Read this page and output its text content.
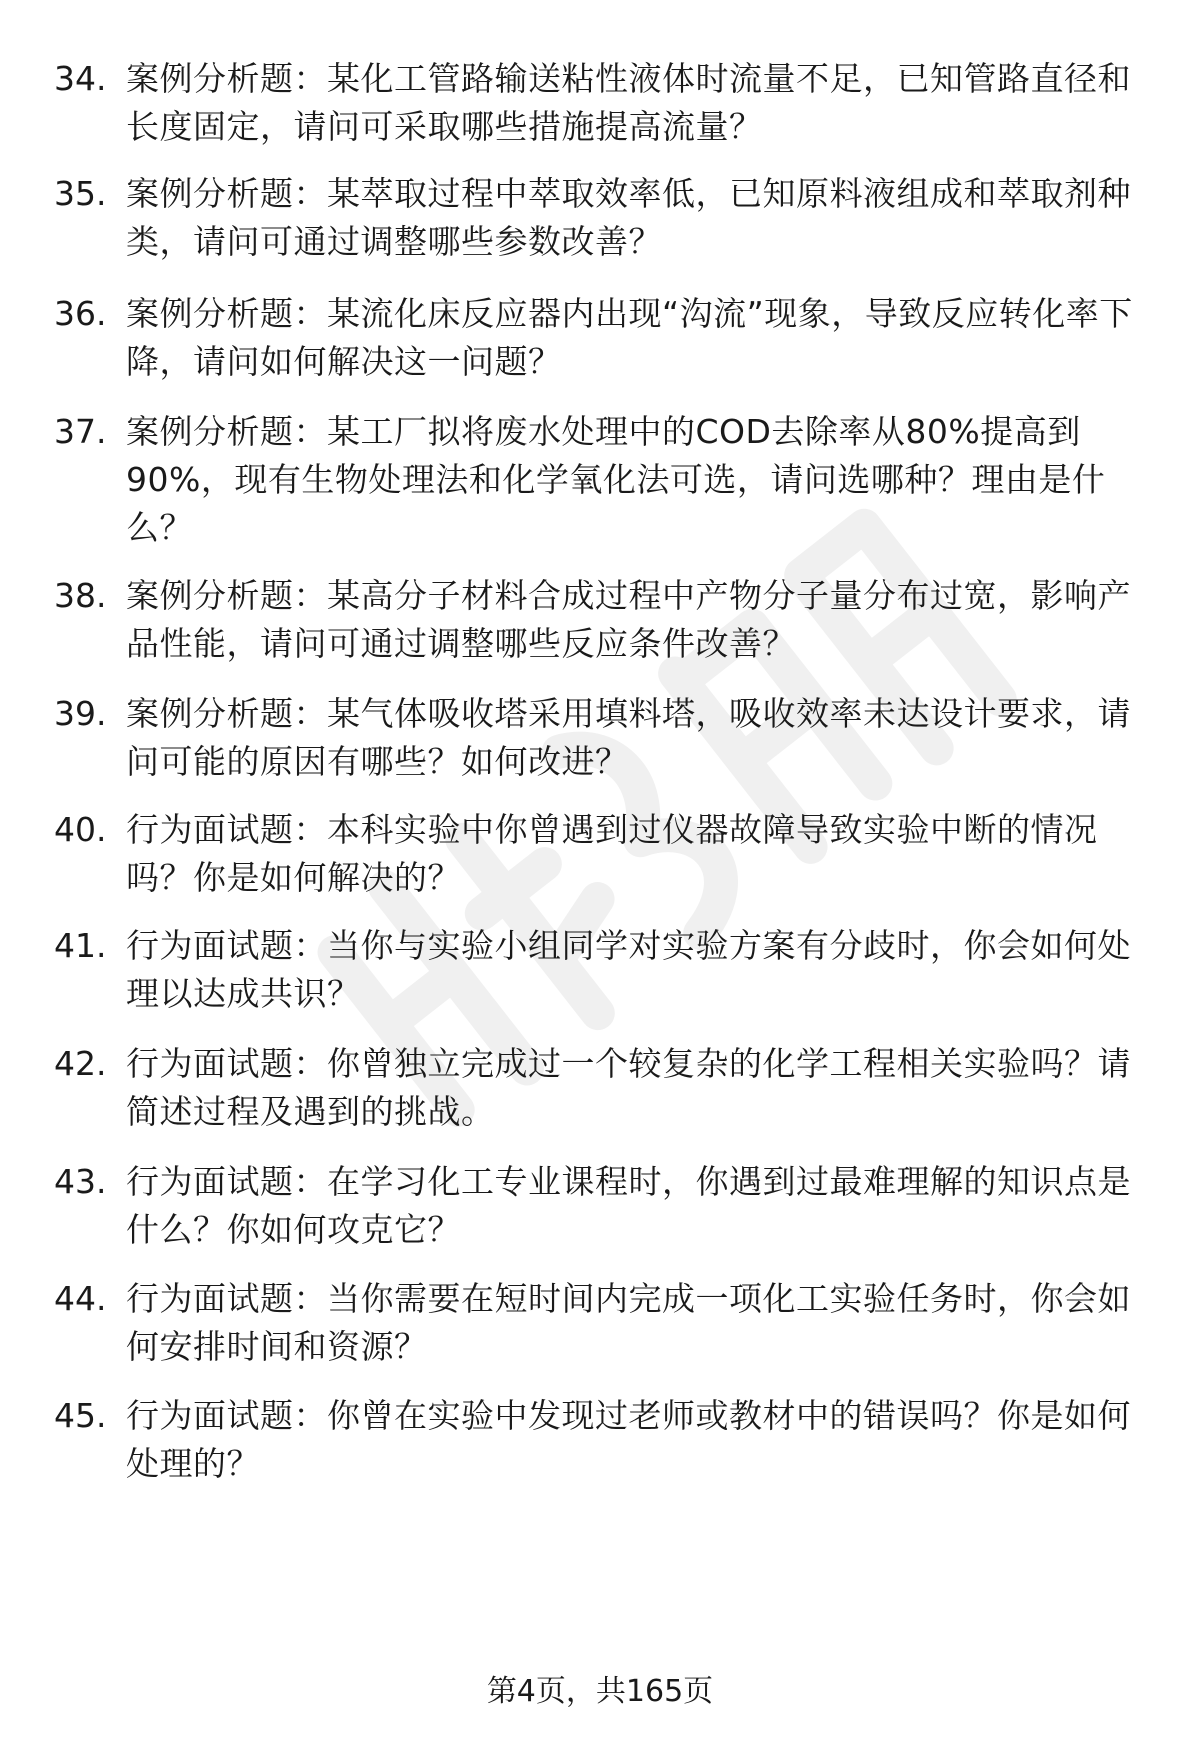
34. 案例分析题：某化工管路输送粘性液体时流量不足，已知管路直径和长度固定，请问可采取哪些措施提高流量？
35. 案例分析题：某萃取过程中萃取效率低，已知原料液组成和萃取剂种类，请问可通过调整哪些参数改善？
36. 案例分析题：某流化床反应器内出现“沟流”现象，导致反应转化率下降，请问如何解决这一问题？
37. 案例分析题：某工厂拟将废水处理中的COD去除率从80%提高到90%，现有生物处理法和化学氧化法可选，请问选哪种？理由是什么？
38. 案例分析题：某高分子材料合成过程中产物分子量分布过宽，影响产品性能，请问可通过调整哪些反应条件改善？
39. 案例分析题：某气体吸收塔采用填料塔，吸收效率未达设计要求，请问可能的原因有哪些？如何改进？
40. 行为面试题：本科实验中你曾遇到过仪器故障导致实验中断的情况吗？你是如何解决的？
41. 行为面试题：当你与实验小组同学对实验方案有分歧时，你会如何处理以达成共识？
42. 行为面试题：你曾独立完成过一个较复杂的化学工程相关实验吗？请简述过程及遇到的挑战。
43. 行为面试题：在学习化工专业课程时，你遇到过最难理解的知识点是什么？你如何攻克它？
44. 行为面试题：当你需要在短时间内完成一项化工实验任务时，你会如何安排时间和资源？
45. 行为面试题：你曾在实验中发现过老师或教材中的错误吗？你是如何处理的？
第4页，共165页
